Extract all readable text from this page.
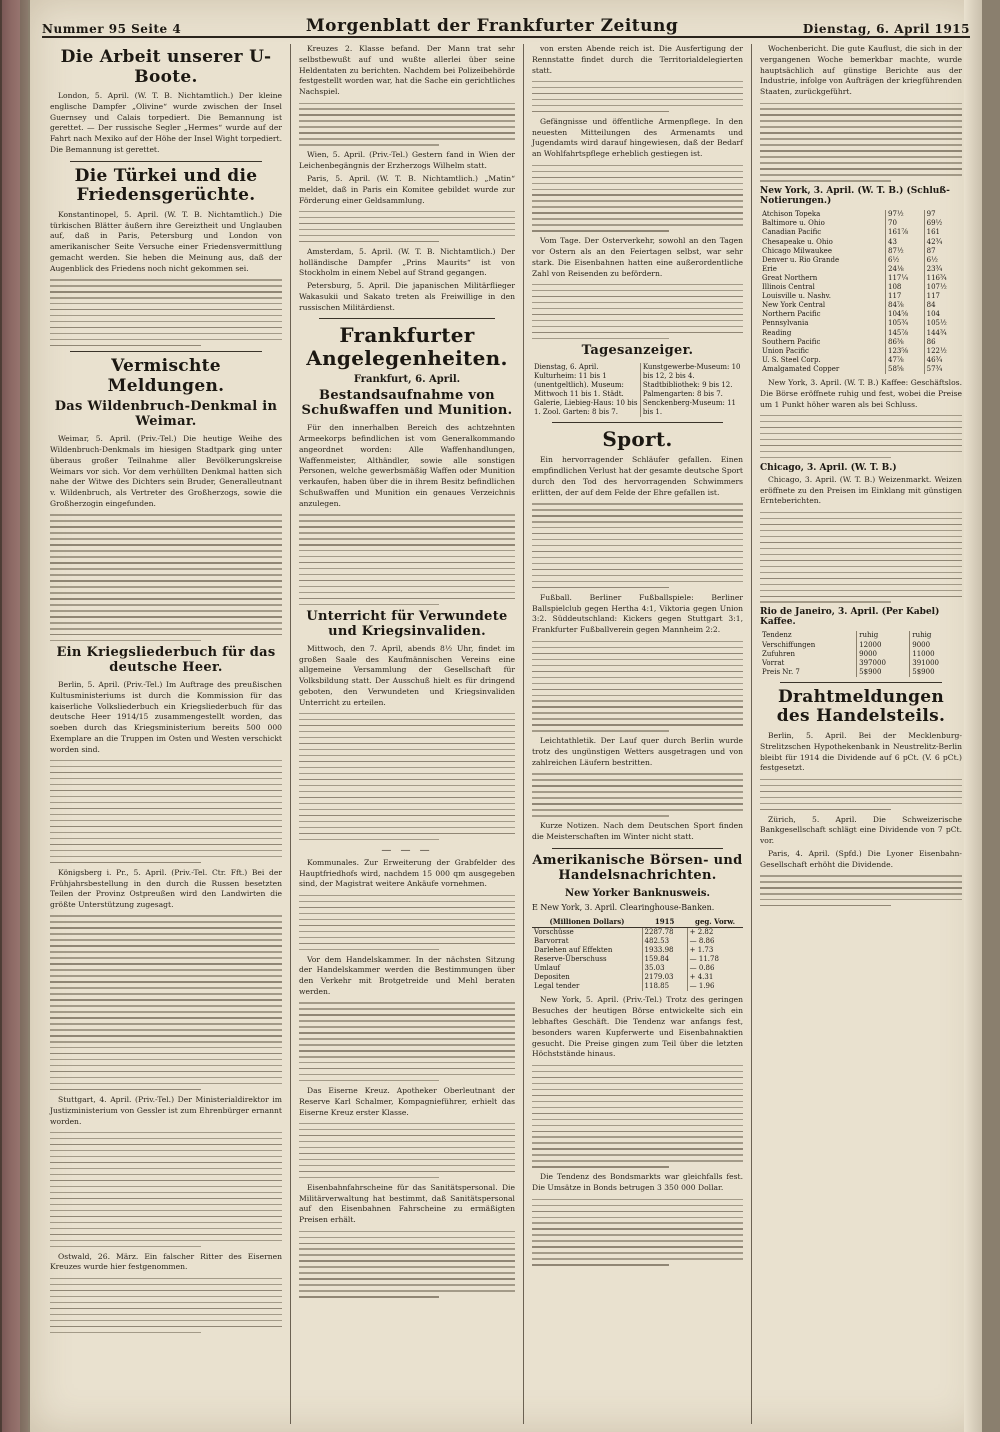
Nummer 95 Seite 4	Morgenblatt der Frankfurter Zeitung	Dienstag, 6. April 1915
Die Arbeit unserer U-Boote.

London, 5. April. (W. T. B. Nichtamtlich.) Der kleine englische Dampfer „Olivine“ wurde zwischen der Insel Guernsey und Calais torpediert. Die Bemannung ist gerettet. — Der russische Segler „Hermes“ wurde auf der Fahrt nach Mexiko auf der Höhe der Insel Wight torpediert. Die Bemannung ist gerettet.

Die Türkei und die Friedensgerüchte.

Konstantinopel, 5. April. (W. T. B. Nichtamtlich.) Die türkischen Blätter äußern ihre Gereiztheit und Unglauben auf, daß in Paris, Petersburg und London von amerikanischer Seite Versuche einer Friedensvermittlung gemacht werden. Sie heben die Meinung aus, daß der Augenblick des Friedens noch nicht gekommen sei.

Vermischte Meldungen.
Das Wildenbruch-Denkmal in Weimar.

Weimar, 5. April. (Priv.-Tel.) Die heutige Weihe des Wildenbruch-Denkmals im hiesigen Stadtpark ging unter überaus großer Teilnahme aller Bevölkerungskreise Weimars vor sich. Vor dem verhüllten Denkmal hatten sich nahe der Witwe des Dichters sein Bruder, Generalleutnant v. Wildenbruch, als Vertreter des Großherzogs, sowie die Großherzogin eingefunden.

Ein Kriegsliederbuch für das deutsche Heer.

Berlin, 5. April. (Priv.-Tel.) Im Auftrage des preußischen Kultusministeriums ist durch die Kommission für das kaiserliche Volksliederbuch ein Kriegsliederbuch für das deutsche Heer 1914/15 zusammengestellt worden, das soeben durch das Kriegsministerium bereits 500 000 Exemplare an die Truppen im Osten und Westen verschickt worden sind.

Königsberg i. Pr., 5. April. (Priv.-Tel. Ctr. Fft.) Bei der Frühjahrsbestellung in den durch die Russen besetzten Teilen der Provinz Ostpreußen wird den Landwirten die größte Unterstützung zugesagt.

Stuttgart, 4. April. (Priv.-Tel.) Der Ministerialdirektor im Justizministerium von Gessler ist zum Ehrenbürger ernannt worden.

Ostwald, 26. März. Ein falscher Ritter des Eisernen Kreuzes wurde hier festgenommen.

Kreuzes 2. Klasse befand. Der Mann trat sehr selbstbewußt auf und wußte allerlei über seine Heldentaten zu berichten. Nachdem bei Polizeibehörde festgestellt worden war, hat die Sache ein gerichtliches Nachspiel.

Wien, 5. April. (Priv.-Tel.) Gestern fand in Wien der Leichenbegängnis der Erzherzogs Wilhelm statt.

Paris, 5. April. (W. T. B. Nichtamtlich.) „Matin“ meldet, daß in Paris ein Komitee gebildet wurde zur Förderung einer Geldsammlung.

Amsterdam, 5. April. (W. T. B. Nichtamtlich.) Der holländische Dampfer „Prins Maurits“ ist von Stockholm in einem Nebel auf Strand gegangen.

Petersburg, 5. April. Die japanischen Militärflieger Wakasukii und Sakato treten als Freiwillige in den russischen Militärdienst.

Frankfurter Angelegenheiten.
Frankfurt, 6. April.
Bestandsaufnahme von Schußwaffen und Munition.

Für den innerhalben Bereich des achtzehnten Armeekorps befindlichen ist vom Generalkommando angeordnet worden: Alle Waffenhandlungen, Waffenmeister, Althändler, sowie alle sonstigen Personen, welche gewerbsmäßig Waffen oder Munition verkaufen, haben über die in ihrem Besitz befindlichen Schußwaffen und Munition ein genaues Verzeichnis anzulegen.

Unterricht für Verwundete und Kriegsinvaliden.

Mittwoch, den 7. April, abends 8½ Uhr, findet im großen Saale des Kaufmännischen Vereins eine allgemeine Versammlung der Gesellschaft für Volksbildung statt. Der Ausschuß hielt es für dringend geboten, den Verwundeten und Kriegsinvaliden Unterricht zu erteilen.

— — —

Kommunales. Zur Erweiterung der Grabfelder des Hauptfriedhofs wird, nachdem 15 000 qm ausgegeben sind, der Magistrat weitere Ankäufe vornehmen.

Vor dem Handelskammer. In der nächsten Sitzung der Handelskammer werden die Bestimmungen über den Verkehr mit Brotgetreide und Mehl beraten werden.

Das Eiserne Kreuz. Apotheker Oberleutnant der Reserve Karl Schalmer, Kompagnieführer, erhielt das Eiserne Kreuz erster Klasse.

Eisenbahnfahrscheine für das Sanitätspersonal. Die Militärverwaltung hat bestimmt, daß Sanitätspersonal auf den Eisenbahnen Fahrscheine zu ermäßigten Preisen erhält.

von ersten Abende reich ist. Die Ausfertigung der Rennstatte findet durch die Territorialdelegierten statt.

Gefängnisse und öffentliche Armenpflege. In den neuesten Mitteilungen des Armenamts und Jugendamts wird darauf hingewiesen, daß der Bedarf an Wohlfahrtspflege erheblich gestiegen ist.

Vom Tage. Der Osterverkehr, sowohl an den Tagen vor Ostern als an den Feiertagen selbst, war sehr stark. Die Eisenbahnen hatten eine außerordentliche Zahl von Reisenden zu befördern.

Tagesanzeiger.
Dienstag, 6. April. Kulturheim: 11 bis 1 (unentgeltlich). Museum: Mittwoch 11 bis 1. Städt. Galerie, Liebieg-Haus: 10 bis 1. Zool. Garten: 8 bis 7.	Kunstgewerbe-Museum: 10 bis 12, 2 bis 4. Stadtbibliothek: 9 bis 12. Palmengarten: 8 bis 7. Senckenberg-Museum: 11 bis 1.
Sport.

Ein hervorragender Schläufer gefallen. Einen empfindlichen Verlust hat der gesamte deutsche Sport durch den Tod des hervorragenden Schwimmers erlitten, der auf dem Felde der Ehre gefallen ist.

Fußball. Berliner Fußballspiele: Berliner Ballspielclub gegen Hertha 4:1, Viktoria gegen Union 3:2. Süddeutschland: Kickers gegen Stuttgart 3:1, Frankfurter Fußballverein gegen Mannheim 2:2.

Leichtathletik. Der Lauf quer durch Berlin wurde trotz des ungünstigen Wetters ausgetragen und von zahlreichen Läufern bestritten.

Kurze Notizen. Nach dem Deutschen Sport finden die Meisterschaften im Winter nicht statt.

Amerikanische Börsen- und Handelsnachrichten.
New Yorker Banknusweis.
E New York, 3. April. Clearinghouse-Banken.
(Millionen Dollars)	1915	geg. Vorw.
Vorschüsse	2287.78	+ 2.82
Barvorrat	482.53	— 8.86
Darlehen auf Effekten	1933.98	+ 1.73
Reserve-Überschuss	159.84	— 11.78
Umlauf	35.03	— 0.86
Depositen	2179.03	+ 4.31
Legal tender	118.85	— 1.96

New York, 5. April. (Priv.-Tel.) Trotz des geringen Besuches der heutigen Börse entwickelte sich ein lebhaftes Geschäft. Die Tendenz war anfangs fest, besonders waren Kupferwerte und Eisenbahnaktien gesucht. Die Preise gingen zum Teil über die letzten Höchststände hinaus.

Die Tendenz des Bondsmarkts war gleichfalls fest. Die Umsätze in Bonds betrugen 3 350 000 Dollar.

Wochenbericht. Die gute Kauflust, die sich in der vergangenen Woche bemerkbar machte, wurde hauptsächlich auf günstige Berichte aus der Industrie, infolge von Aufträgen der kriegführenden Staaten, zurückgeführt.

New York, 3. April. (W. T. B.) (Schluß-Notierungen.)
Atchison Topeka	97½	97
Baltimore u. Ohio	70	69½
Canadian Pacific	161⅞	161
Chesapeake u. Ohio	43	42¾
Chicago Milwaukee	87½	87
Denver u. Rio Grande	6½	6½
Erie	24⅛	23¾
Great Northern	117¼	116¾
Illinois Central	108	107½
Louisville u. Nashv.	117	117
New York Central	84⅞	84
Northern Pacific	104⅝	104
Pennsylvania	105¾	105½
Reading	145⅞	144¾
Southern Pacific	86⅜	86
Union Pacific	123⅝	122½
U. S. Steel Corp.	47⅞	46¾
Amalgamated Copper	58⅝	57¾

New York, 3. April. (W. T. B.) Kaffee: Geschäftslos. Die Börse eröffnete ruhig und fest, wobei die Preise um 1 Punkt höher waren als bei Schluss.

Chicago, 3. April. (W. T. B.)

Chicago, 3. April. (W. T. B.) Weizenmarkt. Weizen eröffnete zu den Preisen im Einklang mit günstigen Ernteberichten.

Rio de Janeiro, 3. April. (Per Kabel) Kaffee.
Tendenz	ruhig	ruhig
Verschiffungen	12000	9000
Zufuhren	9000	11000
Vorrat	397000	391000
Preis Nr. 7	5$900	5$900
Drahtmeldungen des Handelsteils.

Berlin, 5. April. Bei der Mecklenburg-Strelitzschen Hypothekenbank in Neustrelitz-Berlin bleibt für 1914 die Dividende auf 6 pCt. (V. 6 pCt.) festgesetzt.

Zürich, 5. April. Die Schweizerische Bankgesellschaft schlägt eine Dividende von 7 pCt. vor.

Paris, 4. April. (Spfd.) Die Lyoner Eisenbahn-Gesellschaft erhöht die Dividende.
